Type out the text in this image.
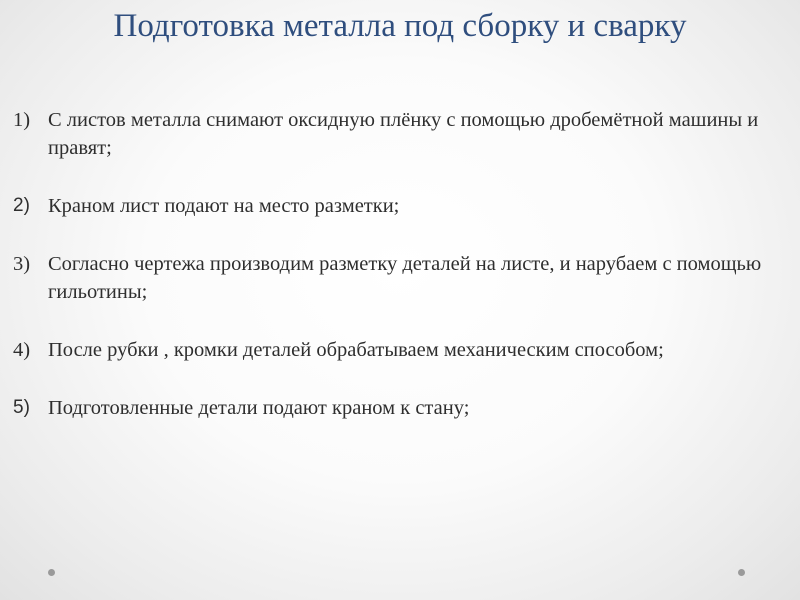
Подготовка металла под сборку и сварку
1) С листов металла снимают оксидную плёнку с помощью дробемётной машины и правят;
2) Краном лист подают на место разметки;
3) Согласно чертежа производим разметку деталей на листе, и нарубаем с помощью гильотины;
4) После рубки , кромки деталей обрабатываем механическим способом;
5) Подготовленные детали подают краном к стану;
